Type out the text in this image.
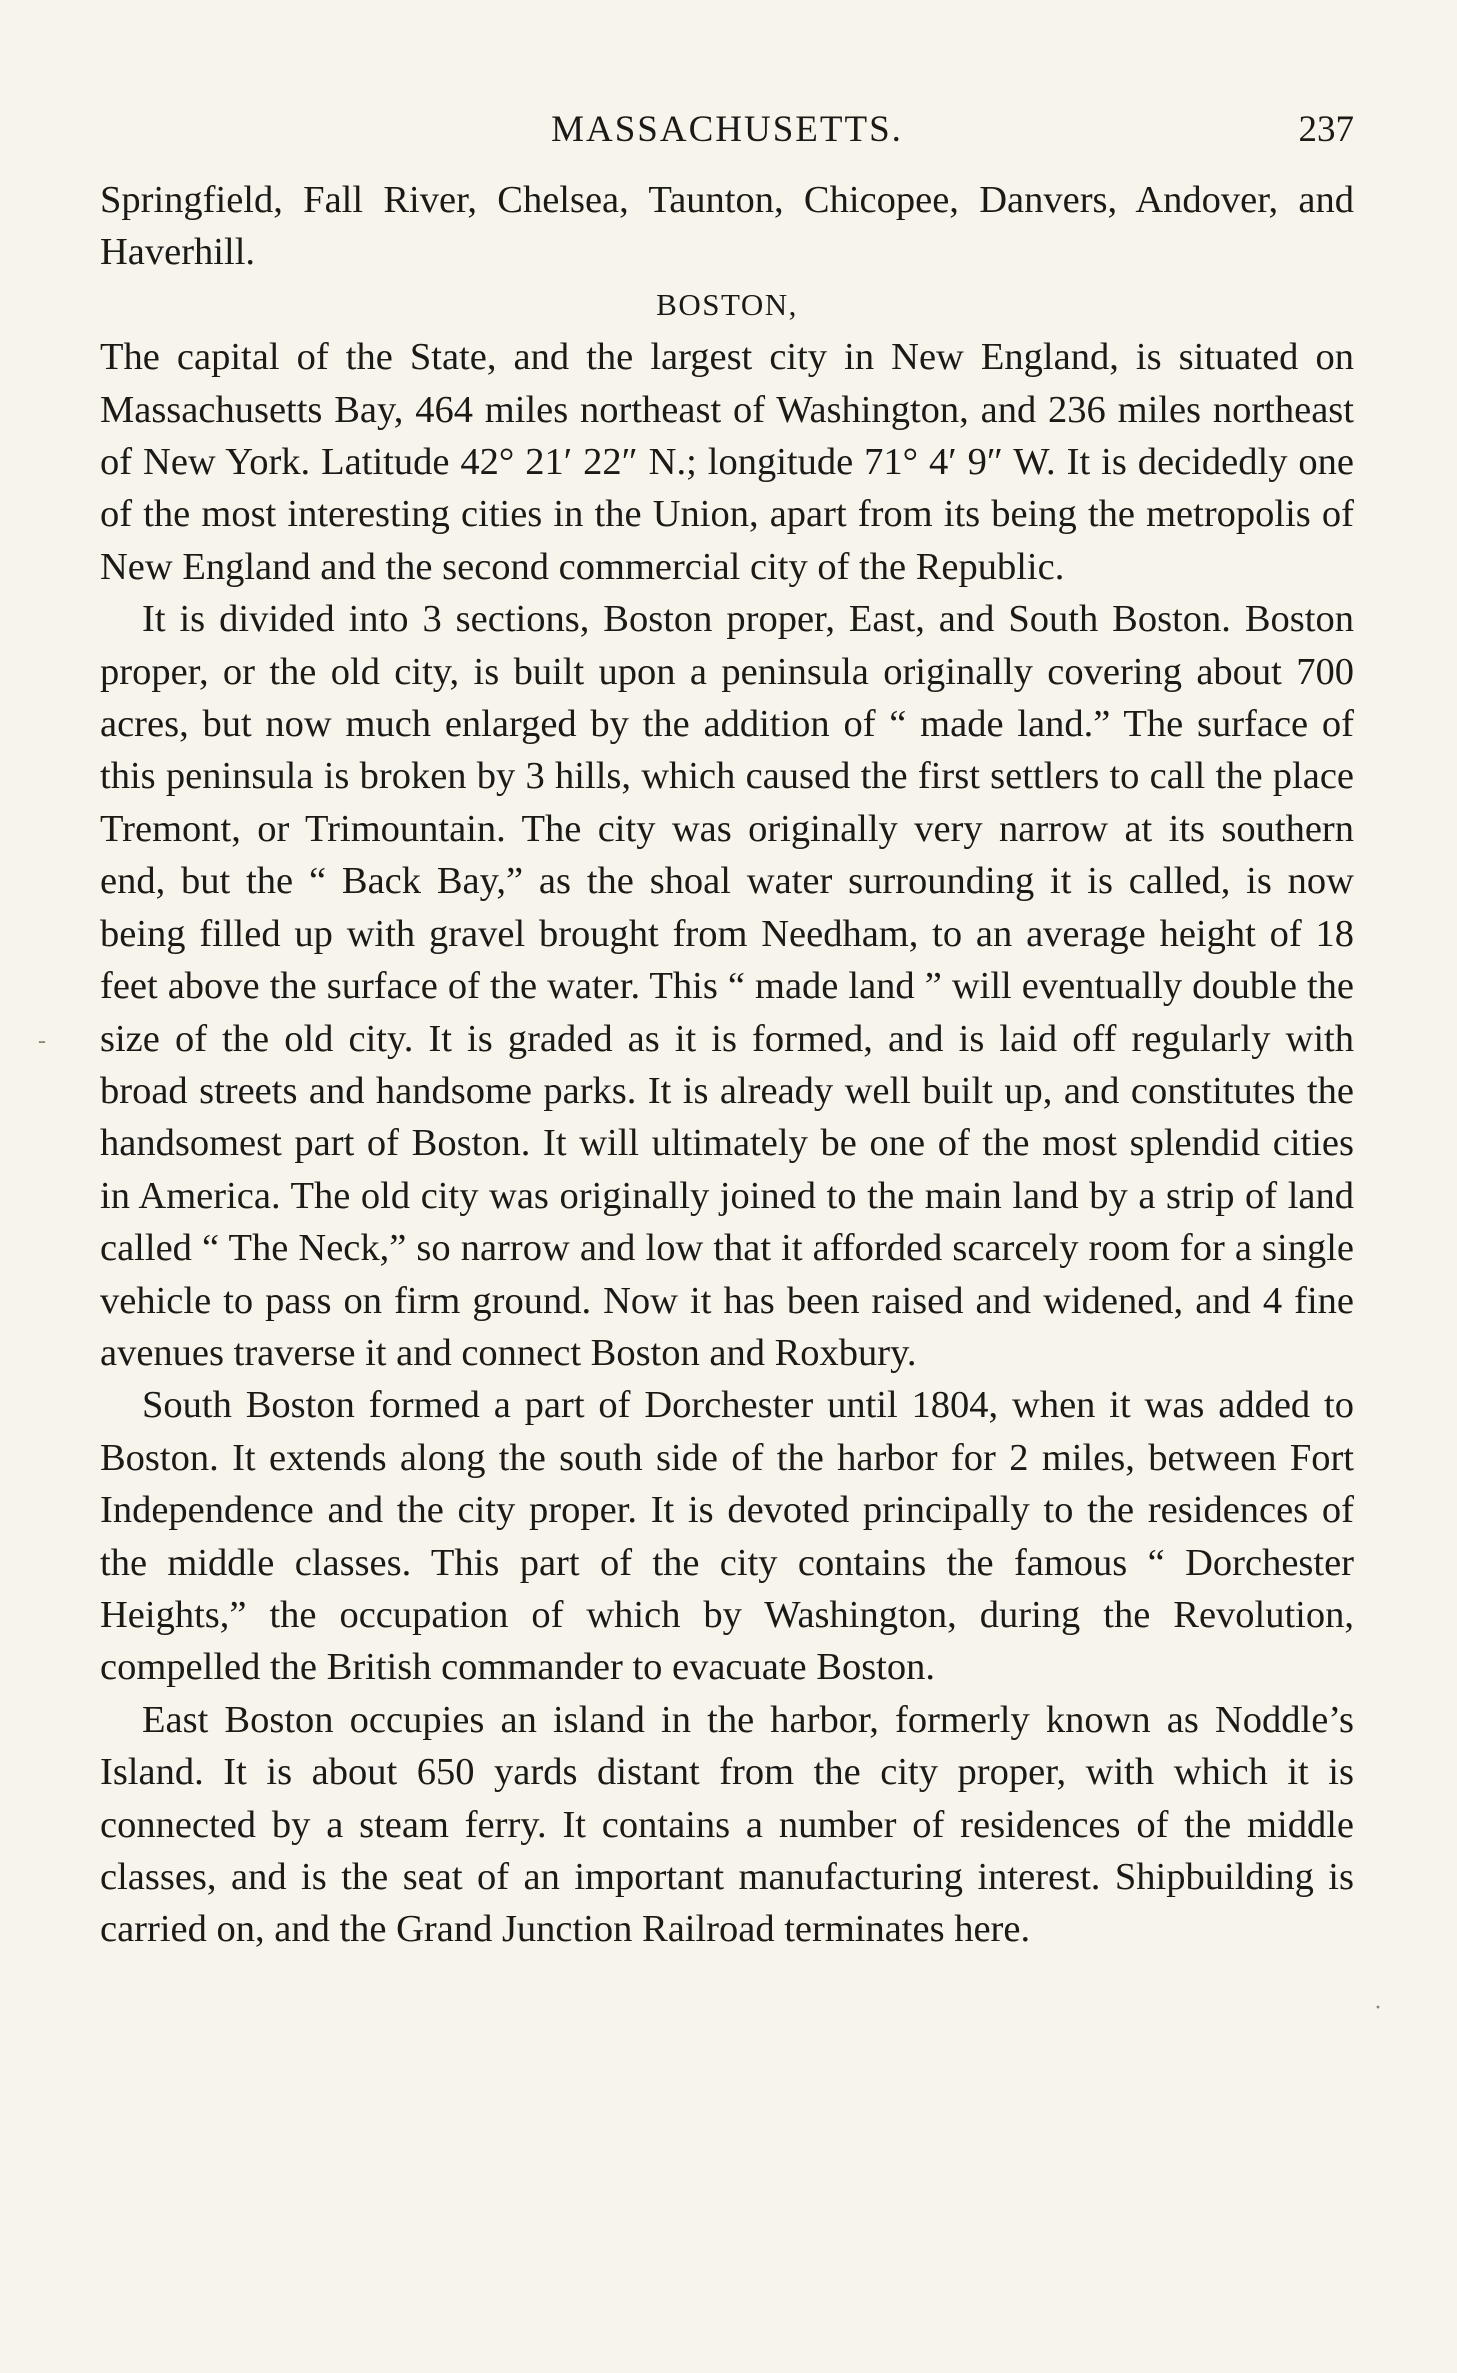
MASSACHUSETTS.	237

Springfield, Fall River, Chelsea, Taunton, Chicopee, Danvers, Andover, and Haverhill.

BOSTON,

The capital of the State, and the largest city in New England, is situated on Massachusetts Bay, 464 miles northeast of Washington, and 236 miles northeast of New York. Latitude 42° 21′ 22″ N.; longitude 71° 4′ 9″ W. It is decidedly one of the most interesting cities in the Union, apart from its being the metropolis of New England and the second commercial city of the Republic.

It is divided into 3 sections, Boston proper, East, and South Boston. Boston proper, or the old city, is built upon a peninsula originally covering about 700 acres, but now much enlarged by the addition of “ made land.” The surface of this peninsula is broken by 3 hills, which caused the first settlers to call the place Tremont, or Trimountain. The city was originally very narrow at its southern end, but the “ Back Bay,” as the shoal water surrounding it is called, is now being filled up with gravel brought from Needham, to an average height of 18 feet above the surface of the water. This “ made land ” will eventually double the size of the old city. It is graded as it is formed, and is laid off regularly with broad streets and handsome parks. It is already well built up, and constitutes the handsomest part of Boston. It will ultimately be one of the most splendid cities in America. The old city was originally joined to the main land by a strip of land called “ The Neck,” so narrow and low that it afforded scarcely room for a single vehicle to pass on firm ground. Now it has been raised and widened, and 4 fine avenues traverse it and connect Boston and Roxbury.

South Boston formed a part of Dorchester until 1804, when it was added to Boston. It extends along the south side of the harbor for 2 miles, between Fort Independence and the city proper. It is devoted principally to the residences of the middle classes. This part of the city contains the famous “ Dorchester Heights,” the occupation of which by Washington, during the Revolution, compelled the British commander to evacuate Boston.

East Boston occupies an island in the harbor, formerly known as Noddle’s Island. It is about 650 yards distant from the city proper, with which it is connected by a steam ferry. It contains a number of residences of the middle classes, and is the seat of an important manufacturing interest. Shipbuilding is carried on, and the Grand Junction Railroad terminates here.

-
·
